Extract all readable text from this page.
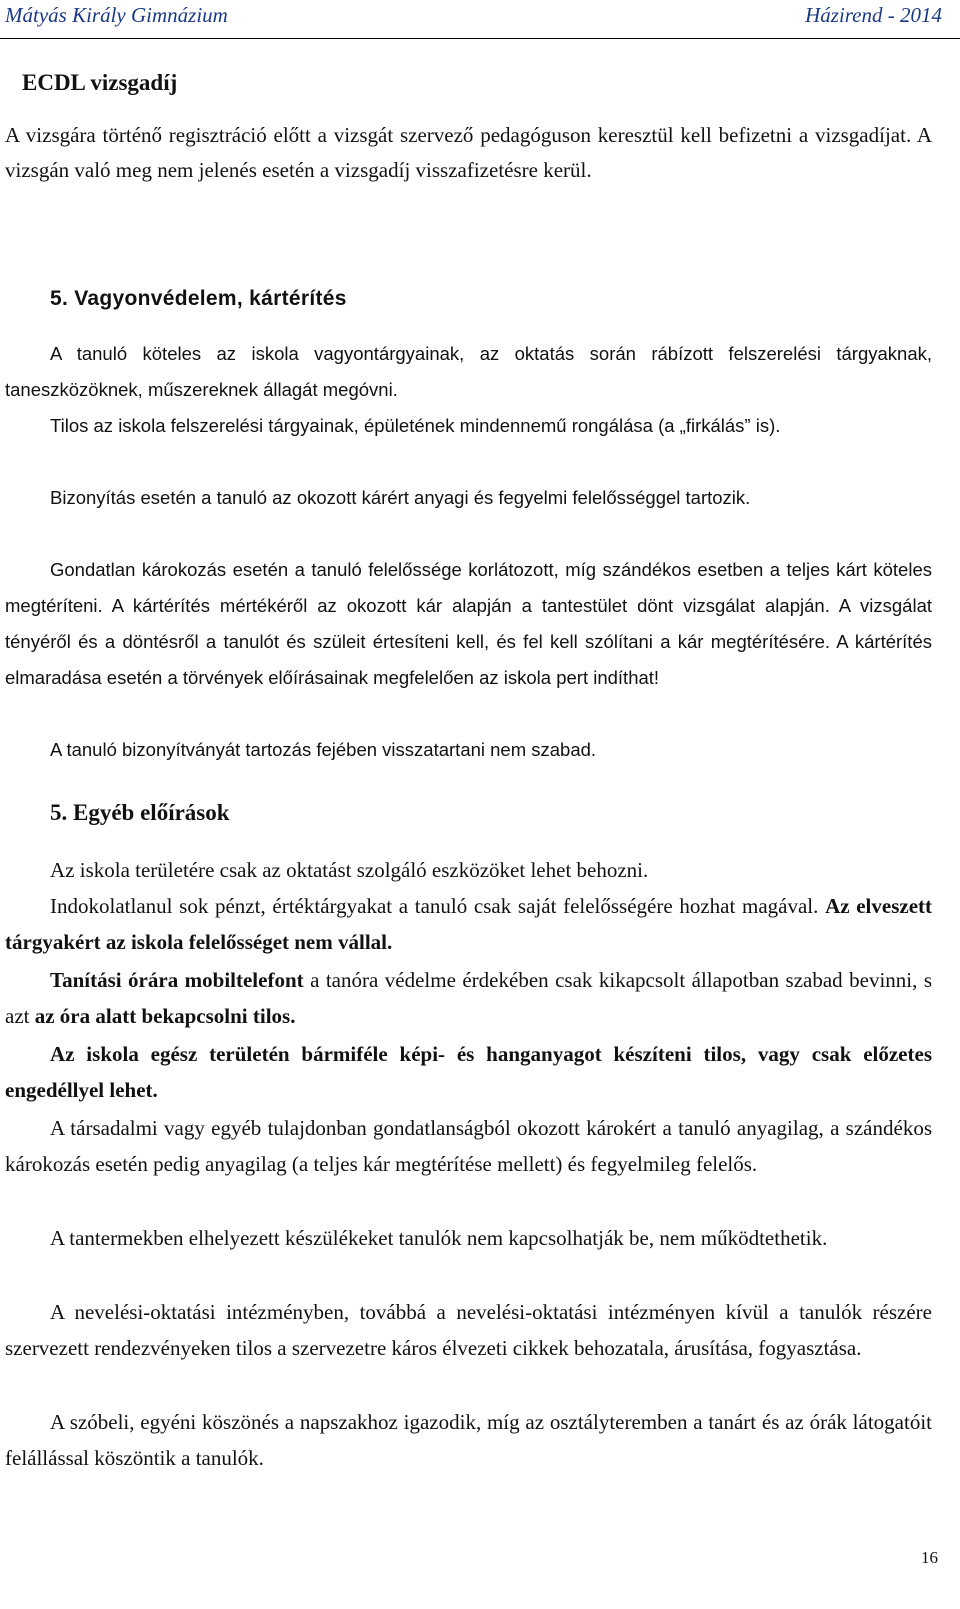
Mátyás Király Gimnázium	Házirend - 2014
ECDL vizsgadíj
A vizsgára történő regisztráció előtt a vizsgát szervező pedagóguson keresztül kell befizetni a vizsgadíjat. A vizsgán való meg nem jelenés esetén a vizsgadíj visszafizetésre kerül.
5. Vagyonvédelem, kártérítés
A tanuló köteles az iskola vagyontárgyainak, az oktatás során rábízott felszerelési tárgyaknak, taneszközöknek, műszereknek állagát megóvni.
Tilos az iskola felszerelési tárgyainak, épületének mindennemű rongálása (a „firkálás” is).
Bizonyítás esetén a tanuló az okozott kárért anyagi és fegyelmi felelősséggel tartozik.
Gondatlan károkozás esetén a tanuló felelőssége korlátozott, míg szándékos esetben a teljes kárt köteles megtéríteni. A kártérítés mértékéről az okozott kár alapján a tantestület dönt vizsgálat alapján. A vizsgálat tényéről és a döntésről a tanulót és szüleit értesíteni kell, és fel kell szólítani a kár megtérítésére. A kártérítés elmaradása esetén a törvények előírásainak megfelelően az iskola pert indíthat!
A tanuló bizonyítványát tartozás fejében visszatartani nem szabad.
5. Egyéb előírások
Az iskola területére csak az oktatást szolgáló eszközöket lehet behozni.
Indokolatlanul sok pénzt, értéktárgyakat a tanuló csak saját felelősségére hozhat magával. Az elveszett tárgyakért az iskola felelősséget nem vállal.
Tanítási órára mobiltelefont a tanóra védelme érdekében csak kikapcsolt állapotban szabad bevinni, s azt az óra alatt bekapcsolni tilos.
Az iskola egész területén bármiféle képi- és hanganyagot készíteni tilos, vagy csak előzetes engedéllyel lehet.
A társadalmi vagy egyéb tulajdonban gondatlanságból okozott károkért a tanuló anyagilag, a szándékos károkozás esetén pedig anyagilag (a teljes kár megtérítése mellett) és fegyelmileg felelős.
A tantermekben elhelyezett készülékeket tanulók nem kapcsolhatják be, nem működtethetik.
A nevelési-oktatási intézményben, továbbá a nevelési-oktatási intézményen kívül a tanulók részére szervezett rendezvényeken tilos a szervezetre káros élvezeti cikkek behozatala, árusítása, fogyasztása.
A szóbeli, egyéni köszönés a napszakhoz igazodik, míg az osztályteremben a tanárt és az órák látogatóit felállással köszöntik a tanulók.
16
